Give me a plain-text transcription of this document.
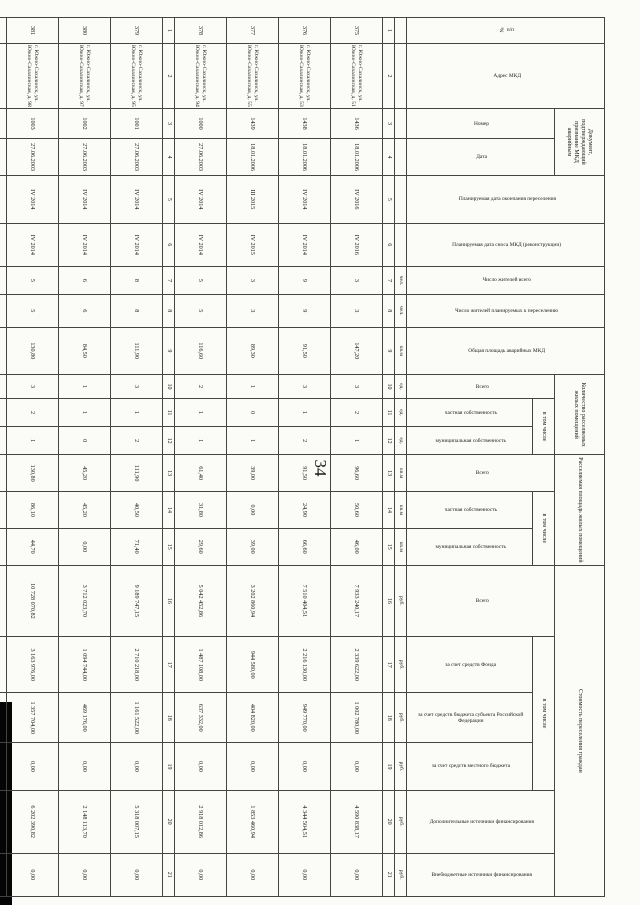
34
№ п/п	Адрес МКД	Документ, подтверждающий признание МКД аварийным		Планируемая дата окончания переселения	Планируемая дата сноса МКД (реконструкции)	Число жителей всего	Число жителей планируемых к переселению	Общая площадь аварийных МКД	Количество расселяемых жилых помещений			Расселяемая площадь жилых помещений			Стоимость переселения граждан					
		Номер	Дата						Всего	в том числе		Всего	в том числе		Всего	в том числе			Дополнительные источники финансирования	Внебюджетные источники финансирования
										частная собственность	муниципальная собственность		частная собственность	муниципальная собственность		за счет средств Фонда	за счет средств бюджета субъекта Российской Федерации	за счет средств местного бюджета		
						чел.	чел.	кв.м	ед.	ед.	ед.	кв.м	кв.м	кв.м	руб.	руб.	руб.	руб.	руб.	руб.
1	2	3	4	5	6	7	8	9	10	11	12	13	14	15	16	17	18	19	20	21
375	г. Южно-Сахалинск, ул. Южно-Сахалинская, д. 51	1436	18.01.2006	IV 2016	IV 2016	3	3	147,20	3	2	1	96,60	50,60	46,00	7 933 240,17	2 339 622,00	1 002 780,00	0,00	4 590 838,17	0,00
376	г. Южно-Сахалинск, ул. Южно-Сахалинская, д. 53	1438	18.01.2006	IV 2014	IV 2014	9	9	91,50	3	1	2	91,50	24,90	66,60	7 510 404,51	2 216 130,00	949 770,00	0,00	4 344 504,51	0,00
377	г. Южно-Сахалинск, ул. Южно-Сахалинская, д. 55	1439	18.01.2006	III 2015	IV 2015	3	3	89,30	1	0	1	39,00	0,00	39,00	3 202 860,94	944 580,00	404 820,00	0,00	1 853 460,94	0,00
378	г. Южно-Сахалинск, ул. Южно-Сахалинская, д. 94	1000	27.06.2003	IV 2014	IV 2014	5	5	116,60	2	1	1	61,40	31,80	29,60	5 042 452,86	1 487 108,00	637 332,00	0,00	2 918 012,86	0,00
1	2	3	4	5	6	7	8	9	10	11	12	13	14	15	16	17	18	19	20	21
379	г. Южно-Сахалинск, ул. Южно-Сахалинская, д. 95	1001	27.06.2003	IV 2014	IV 2014	8	8	111,90	3	1	2	111,90	40,50	71,40	9 189 747,15	2 710 218,00	1 161 522,00	0,00	5 318 007,15	0,00
380	г. Южно-Сахалинск, ул. Южно-Сахалинская, д. 97	1002	27.06.2003	IV 2014	IV 2014	6	6	84,50	1	1	0	45,20	45,20	0,00	3 712 023,70	1 094 744,00	469 176,00	0,00	2 148 113,70	0,00
381	г. Южно-Сахалинск, ул. Южно-Сахалинская, д. 98	1003	27.06.2003	IV 2014	IV 2014	5	5	130,80	3	2	1	130,80	86,10	44,70	10 728 070,82	3 163 976,00	1 357 704,00	0,00	6 202 390,82	0,00
